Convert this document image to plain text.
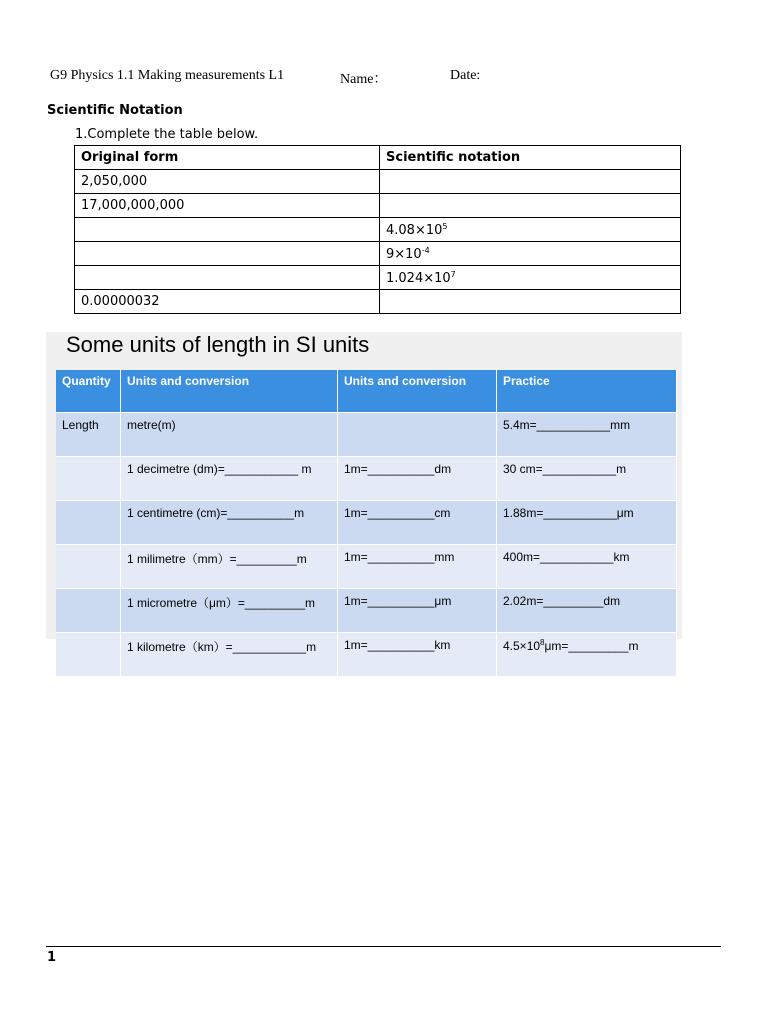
G9 Physics 1.1 Making measurements L1	Name：	Date:
Scientific Notation
1.Complete the table below.
Original form	Scientific notation
2,050,000	
17,000,000,000	
	$4.08\times 10^5$
	$9\times 10^{-4}$
	$1.024\times 10^7$
0.00000032	
Some units of length in SI units
Quantity	Units and conversion	Units and conversion	Practice
Length	metre(m)		5.4m=___________mm
	1 decimetre (dm)=___________ m	1m=__________dm	30 cm=___________m
	1 centimetre (cm)=__________m	1m=__________cm	1.88m=___________μm
	1 milimetre（mm）=_________m	1m=__________mm	400m=___________km
	1 micrometre（μm）=_________m	1m=__________μm	2.02m=_________dm
	1 kilometre（km）=___________m	1m=__________km	$4.5\times 10^8\mu m=\_\_\_\_\_\_\_\_\_m$
1
